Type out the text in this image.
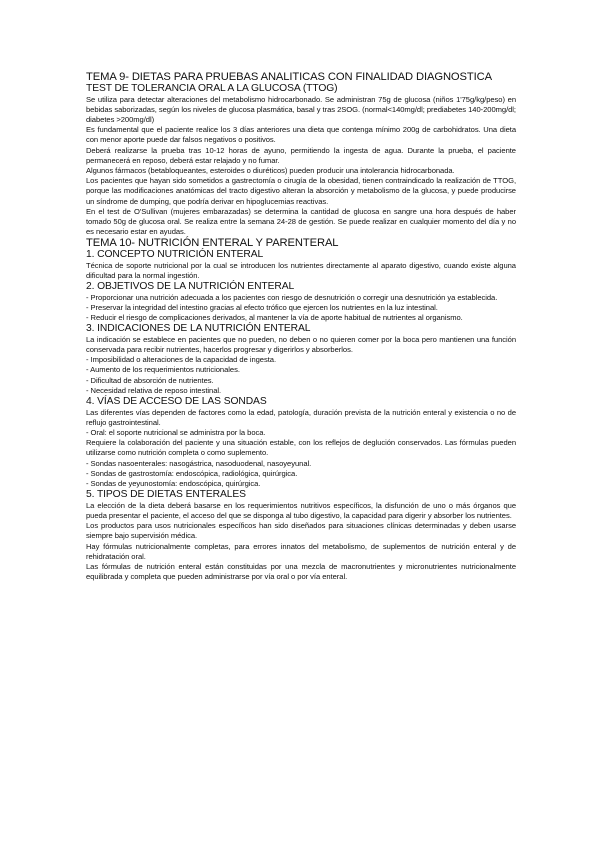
TEMA 9- DIETAS PARA PRUEBAS ANALITICAS CON FINALIDAD DIAGNOSTICA
TEST DE TOLERANCIA ORAL A LA GLUCOSA (TTOG)
Se utiliza para detectar alteraciones del metabolismo hidrocarbonado. Se administran 75g de glucosa (niños 1'75g/kg/peso) en bebidas saborizadas, según los niveles de glucosa plasmática, basal y tras 2SOG. (normal<140mg/dl; prediabetes 140-200mg/dl; diabetes >200mg/dl)
Es fundamental que el paciente realice los 3 días anteriores una dieta que contenga mínimo 200g de carbohidratos. Una dieta con menor aporte puede dar falsos negativos o positivos.
Deberá realizarse la prueba tras 10-12 horas de ayuno, permitiendo la ingesta de agua. Durante la prueba, el paciente permanecerá en reposo, deberá estar relajado y no fumar.
Algunos fármacos (betabloqueantes, esteroides o diuréticos) pueden producir una intolerancia hidrocarbonada.
Los pacientes que hayan sido sometidos a gastrectomía o cirugía de la obesidad, tienen contraindicado la realización de TTOG, porque las modificaciones anatómicas del tracto digestivo alteran la absorción y metabolismo de la glucosa, y puede producirse un síndrome de dumping, que podría derivar en hipoglucemias reactivas.
En el test de O'Sullivan (mujeres embarazadas) se determina la cantidad de glucosa en sangre una hora después de haber tomado 50g de glucosa oral. Se realiza entre la semana 24-28 de gestión. Se puede realizar en cualquier momento del día y no es necesario estar en ayudas.
TEMA 10- NUTRICIÓN ENTERAL Y PARENTERAL
1. CONCEPTO NUTRICIÓN ENTERAL
Técnica de soporte nutricional por la cual se introducen los nutrientes directamente al aparato digestivo, cuando existe alguna dificultad para la normal ingestión.
2. OBJETIVOS DE LA NUTRICIÓN ENTERAL
- Proporcionar una nutrición adecuada a los pacientes con riesgo de desnutrición o corregir una desnutrición ya establecida.
- Preservar la integridad del intestino gracias al efecto trófico que ejercen los nutrientes en la luz intestinal.
- Reducir el riesgo de complicaciones derivados, al mantener la vía de aporte habitual de nutrientes al organismo.
3. INDICACIONES DE LA NUTRICIÓN ENTERAL
La indicación se establece en pacientes que no pueden, no deben o no quieren comer por la boca pero mantienen una función conservada para recibir nutrientes, hacerlos progresar y digerirlos y absorberlos.
- Imposibilidad o alteraciones de la capacidad de ingesta.
- Aumento de los requerimientos nutricionales.
- Dificultad de absorción de nutrientes.
- Necesidad relativa de reposo intestinal.
4. VÍAS DE ACCESO DE LAS SONDAS
Las diferentes vías dependen de factores como la edad, patología, duración prevista de la nutrición enteral y existencia o no de reflujo gastrointestinal.
- Oral: el soporte nutricional se administra por la boca.
Requiere la colaboración del paciente y una situación estable, con los reflejos de deglución conservados. Las fórmulas pueden utilizarse como nutrición completa o como suplemento.
- Sondas nasoenterales: nasogástrica, nasoduodenal, nasoyeyunal.
- Sondas de gastrostomía: endoscópica, radiológica, quirúrgica.
- Sondas de yeyunostomía: endoscópica, quirúrgica.
5. TIPOS DE DIETAS ENTERALES
La elección de la dieta deberá basarse en los requerimientos nutritivos específicos, la disfunción de uno o más órganos que pueda presentar el paciente, el acceso del que se disponga al tubo digestivo, la capacidad para digerir y absorber los nutrientes.
Los productos para usos nutricionales específicos han sido diseñados para situaciones clínicas determinadas y deben usarse siempre bajo supervisión médica.
Hay fórmulas nutricionalmente completas, para errores innatos del metabolismo, de suplementos de nutrición enteral y de rehidratación oral.
Las fórmulas de nutrición enteral están constituidas por una mezcla de macronutrientes y micronutrientes nutricionalmente equilibrada y completa que pueden administrarse por vía oral o por vía enteral.
